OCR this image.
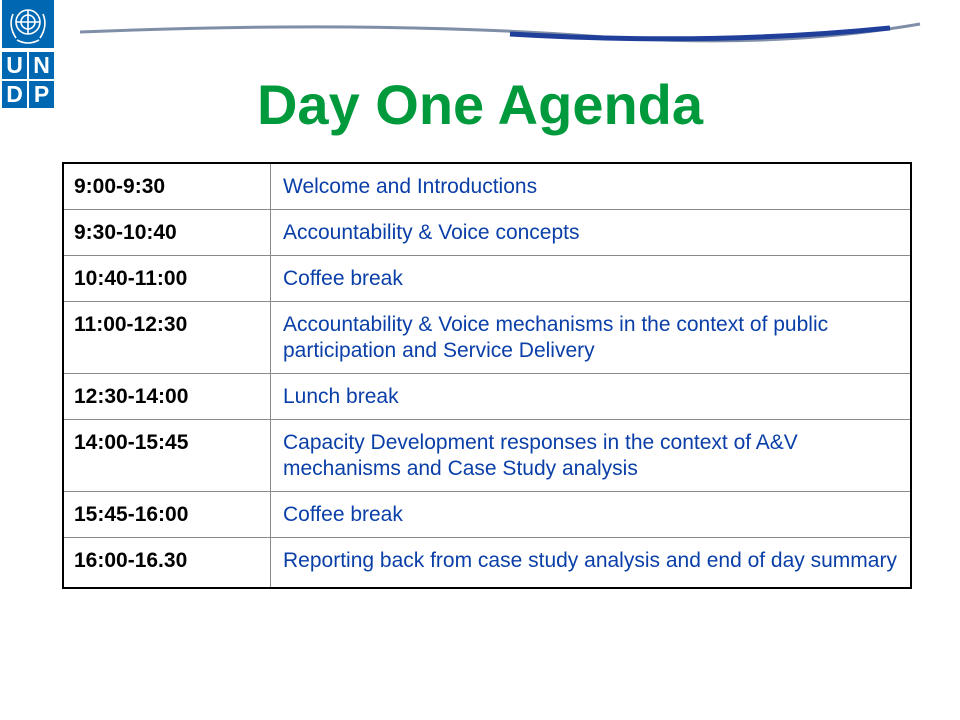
U N
D P	Day One Agenda
9:00-9:30	Welcome and Introductions
9:30-10:40	Accountability & Voice concepts
10:40-11:00	Coffee break
11:00-12:30	Accountability & Voice mechanisms in the context of public participation and Service Delivery
12:30-14:00	Lunch break
14:00-15:45	Capacity Development responses in the context of A&V mechanisms and Case Study analysis
15:45-16:00	Coffee break
16:00-16.30	Reporting back from case study analysis and end of day summary
